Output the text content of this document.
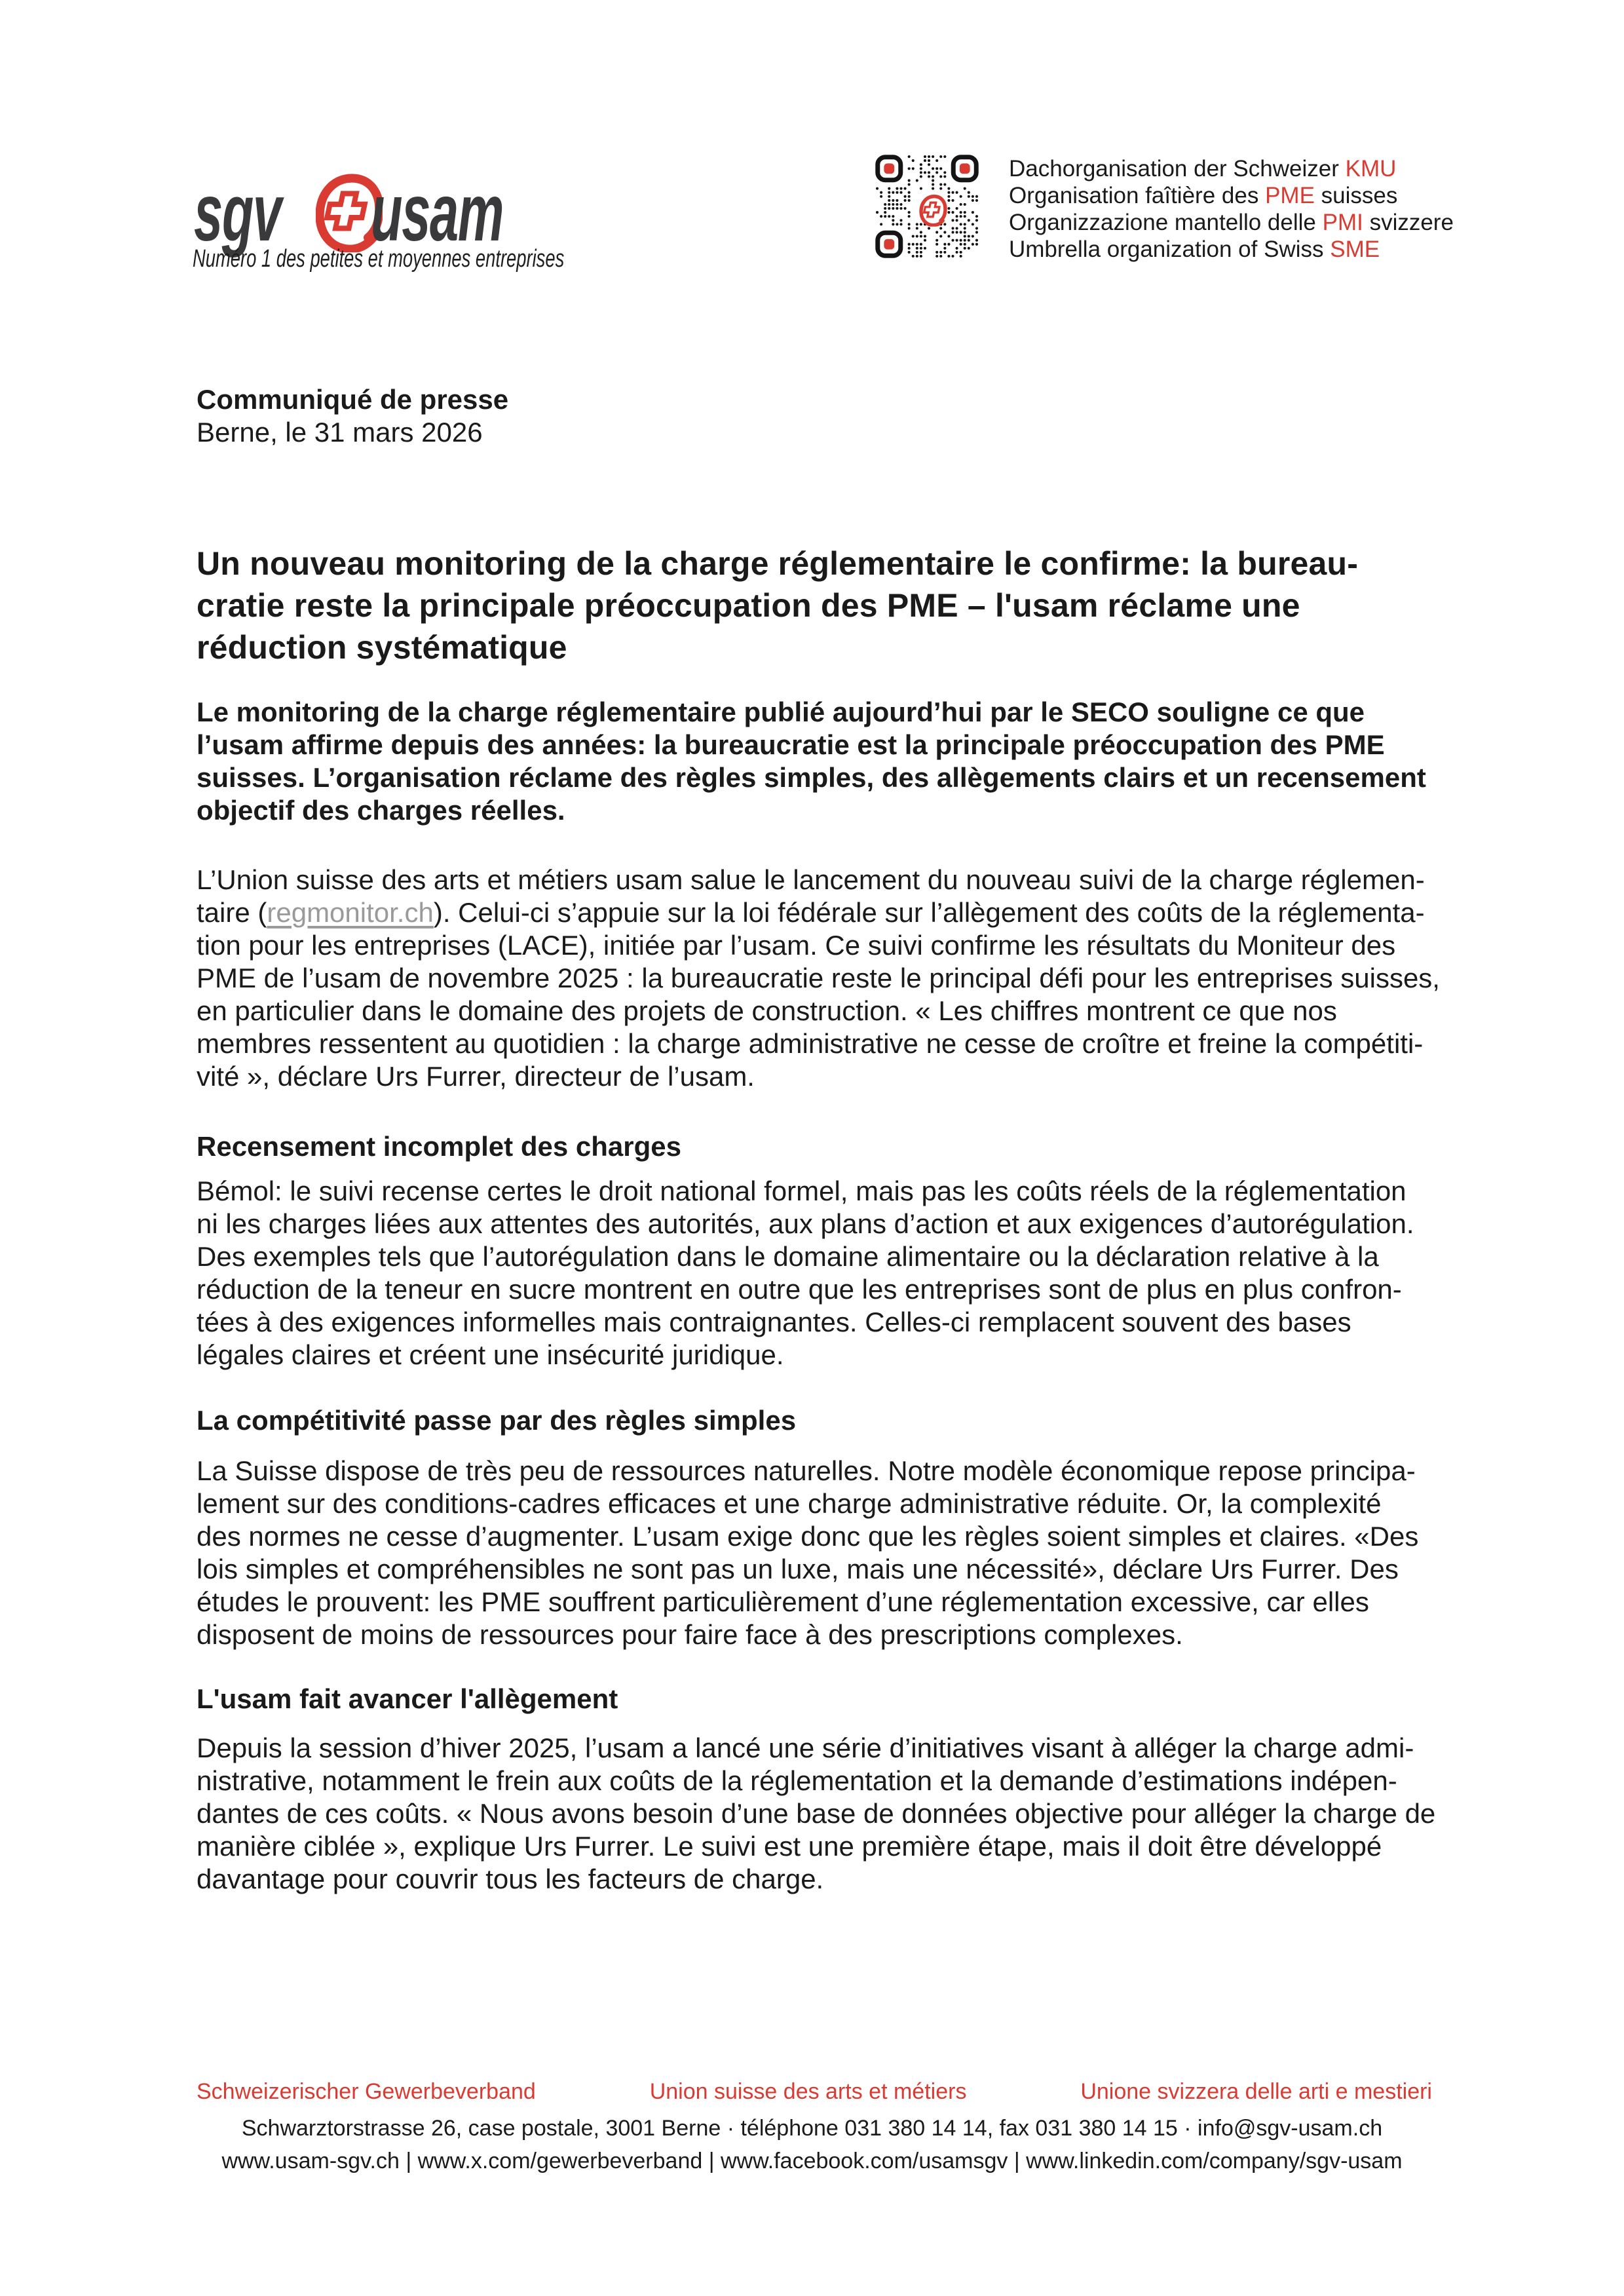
sgv usam
Numéro 1 des petites et moyennes entreprises
Dachorganisation der Schweizer KMU
Organisation faîtière des PME suisses
Organizzazione mantello delle PMI svizzere
Umbrella organization of Swiss SME
Communiqué de presse
Berne, le 31 mars 2026
Un nouveau monitoring de la charge réglementaire le confirme: la bureau-
cratie reste la principale préoccupation des PME – l'usam réclame une
réduction systématique
Le monitoring de la charge réglementaire publié aujourd’hui par le SECO souligne ce que
l’usam affirme depuis des années: la bureaucratie est la principale préoccupation des PME
suisses. L’organisation réclame des règles simples, des allègements clairs et un recensement
objectif des charges réelles.
L’Union suisse des arts et métiers usam salue le lancement du nouveau suivi de la charge réglemen-
taire (regmonitor.ch). Celui-ci s’appuie sur la loi fédérale sur l’allègement des coûts de la réglementa-
tion pour les entreprises (LACE), initiée par l’usam. Ce suivi confirme les résultats du Moniteur des
PME de l’usam de novembre 2025 : la bureaucratie reste le principal défi pour les entreprises suisses,
en particulier dans le domaine des projets de construction. « Les chiffres montrent ce que nos
membres ressentent au quotidien : la charge administrative ne cesse de croître et freine la compétiti-
vité », déclare Urs Furrer, directeur de l’usam.
Recensement incomplet des charges
Bémol: le suivi recense certes le droit national formel, mais pas les coûts réels de la réglementation
ni les charges liées aux attentes des autorités, aux plans d’action et aux exigences d’autorégulation.
Des exemples tels que l’autorégulation dans le domaine alimentaire ou la déclaration relative à la
réduction de la teneur en sucre montrent en outre que les entreprises sont de plus en plus confron-
tées à des exigences informelles mais contraignantes. Celles-ci remplacent souvent des bases
légales claires et créent une insécurité juridique.
La compétitivité passe par des règles simples
La Suisse dispose de très peu de ressources naturelles. Notre modèle économique repose principa-
lement sur des conditions-cadres efficaces et une charge administrative réduite. Or, la complexité
des normes ne cesse d’augmenter. L’usam exige donc que les règles soient simples et claires. «Des
lois simples et compréhensibles ne sont pas un luxe, mais une nécessité», déclare Urs Furrer. Des
études le prouvent: les PME souffrent particulièrement d’une réglementation excessive, car elles
disposent de moins de ressources pour faire face à des prescriptions complexes.
L'usam fait avancer l'allègement
Depuis la session d’hiver 2025, l’usam a lancé une série d’initiatives visant à alléger la charge admi-
nistrative, notamment le frein aux coûts de la réglementation et la demande d’estimations indépen-
dantes de ces coûts. « Nous avons besoin d’une base de données objective pour alléger la charge de
manière ciblée », explique Urs Furrer. Le suivi est une première étape, mais il doit être développé
davantage pour couvrir tous les facteurs de charge.
Schweizerischer Gewerbeverband	Union suisse des arts et métiers	Unione svizzera delle arti e mestieri
Schwarztorstrasse 26, case postale, 3001 Berne · téléphone 031 380 14 14, fax 031 380 14 15 · info@sgv-usam.ch
www.usam-sgv.ch | www.x.com/gewerbeverband | www.facebook.com/usamsgv | www.linkedin.com/company/sgv-usam
